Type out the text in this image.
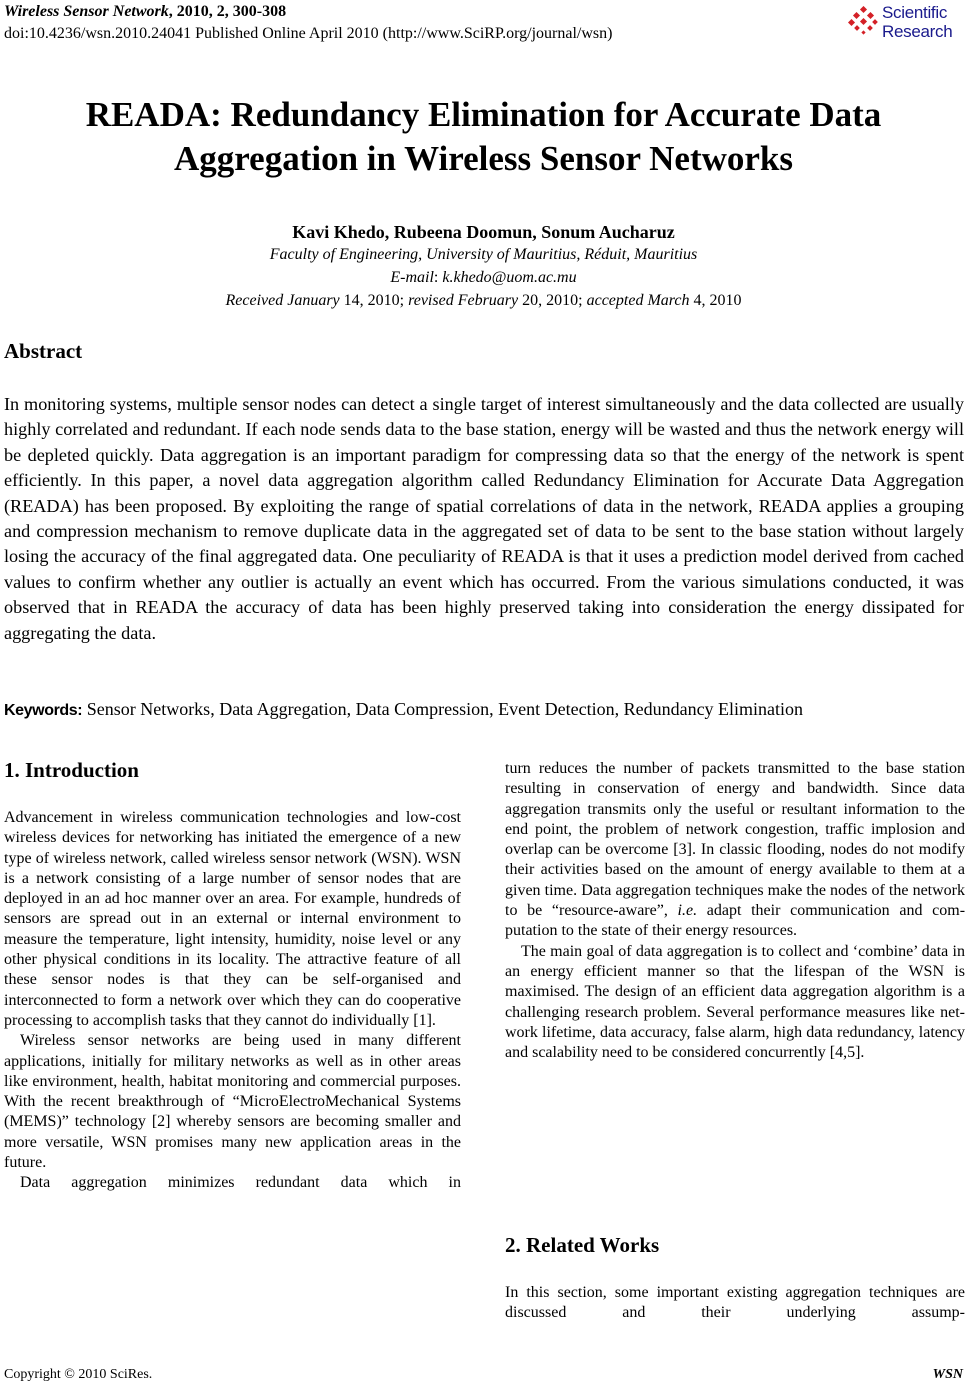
Wireless Sensor Network, 2010, 2, 300-308
doi:10.4236/wsn.2010.24041 Published Online April 2010 (http://www.SciRP.org/journal/wsn)
Scientific
Research
READA: Redundancy Elimination for Accurate Data
Aggregation in Wireless Sensor Networks
Kavi Khedo, Rubeena Doomun, Sonum Aucharuz
Faculty of Engineering, University of Mauritius, Réduit, Mauritius
E-mail: k.khedo@uom.ac.mu
Received January 14, 2010; revised February 20, 2010; accepted March 4, 2010
Abstract
In monitoring systems, multiple sensor nodes can detect a single target of interest simultaneously and the data collected are usually highly correlated and redundant. If each node sends data to the base station, energy will be wasted and thus the network energy will be depleted quickly. Data aggregation is an important paradigm for compressing data so that the energy of the network is spent efficiently. In this paper, a novel data aggregation algorithm called Redundancy Elimination for Accurate Data Aggregation (READA) has been proposed. By exploiting the range of spatial correlations of data in the network, READA applies a grouping and compression mechanism to remove duplicate data in the aggregated set of data to be sent to the base station without largely losing the accuracy of the final aggregated data. One peculiarity of READA is that it uses a prediction model derived from cached values to confirm whether any outlier is actually an event which has occurred. From the various simulations conducted, it was observed that in READA the accuracy of data has been highly preserved taking into consideration the energy dissipated for aggregating the data.
Keywords: Sensor Networks, Data Aggregation, Data Compression, Event Detection, Redundancy Elimination
1. Introduction

Advancement in wireless communication technologies and low-cost wireless devices for networking has initiated the emergence of a new type of wireless network, called wireless sensor network (WSN). WSN is a network consisting of a large number of sensor nodes that are deployed in an ad hoc manner over an area. For example, hundreds of sensors are spread out in an external or internal environment to measure the temperature, light intensity, humidity, noise level or any other physical conditions in its locality. The attractive feature of all these sensor nodes is that they can be self-organised and interconnected to form a network over which they can do cooperative processing to accomplish tasks that they cannot do individually [1].

Wireless sensor networks are being used in many different applications, initially for military networks as well as in other areas like environment, health, habitat monitoring and commercial purposes. With the recent breakthrough of “MicroElectroMechanical Systems (MEMS)” technology [2] whereby sensors are becoming smaller and more versatile, WSN promises many new application areas in the future.

Data aggregation minimizes redundant data which in

turn reduces the number of packets transmitted to the base station resulting in conservation of energy and bandwidth. Since data aggregation transmits only the useful or resultant information to the end point, the problem of network congestion, traffic implosion and overlap can be overcome [3]. In classic flooding, nodes do not modify their activities based on the amount of energy available to them at a given time. Data aggregation techniques make the nodes of the network to be “resource-aware”, i.e. adapt their communication and computation to the state of their energy resources.

The main goal of data aggregation is to collect and ‘combine’ data in an energy efficient manner so that the lifespan of the WSN is maximised. The design of an efficient data aggregation algorithm is a challenging research problem. Several performance measures like network lifetime, data accuracy, false alarm, high data redundancy, latency and scalability need to be considered concurrently [4,5].

2. Related Works

In this section, some important existing aggregation techniques are discussed and their underlying assump-

Copyright © 2010 SciRes.	WSN
